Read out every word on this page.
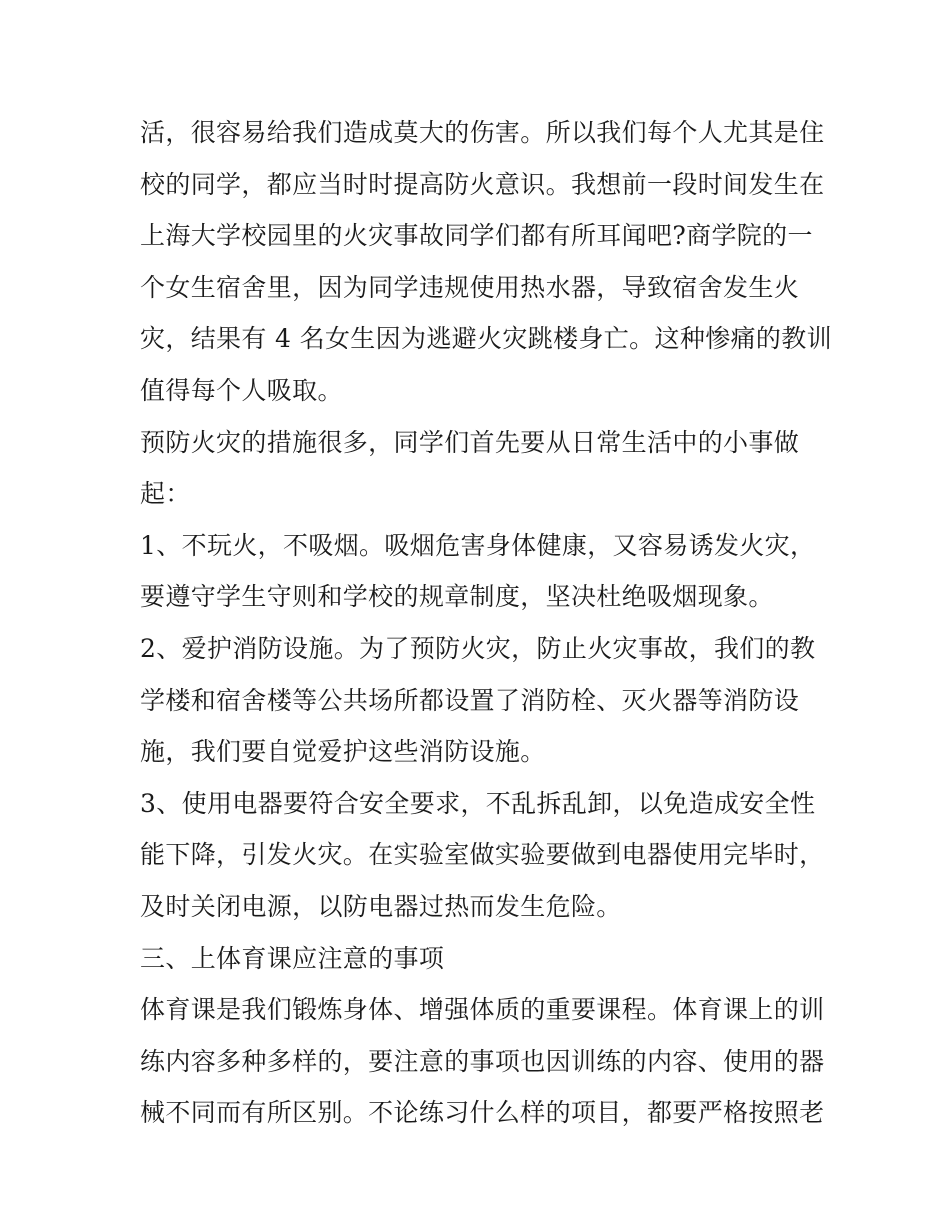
活，很容易给我们造成莫大的伤害。所以我们每个人尤其是住
校的同学，都应当时时提高防火意识。我想前一段时间发生在
上海大学校园里的火灾事故同学们都有所耳闻吧?商学院的一
个女生宿舍里，因为同学违规使用热水器，导致宿舍发生火
灾，结果有 4 名女生因为逃避火灾跳楼身亡。这种惨痛的教训
值得每个人吸取。
预防火灾的措施很多，同学们首先要从日常生活中的小事做
起：
1、不玩火，不吸烟。吸烟危害身体健康，又容易诱发火灾，
要遵守学生守则和学校的规章制度，坚决杜绝吸烟现象。
2、爱护消防设施。为了预防火灾，防止火灾事故，我们的教
学楼和宿舍楼等公共场所都设置了消防栓、灭火器等消防设
施，我们要自觉爱护这些消防设施。
3、使用电器要符合安全要求，不乱拆乱卸，以免造成安全性
能下降，引发火灾。在实验室做实验要做到电器使用完毕时，
及时关闭电源，以防电器过热而发生危险。
三、上体育课应注意的事项
体育课是我们锻炼身体、增强体质的重要课程。体育课上的训
练内容多种多样的，要注意的事项也因训练的内容、使用的器
械不同而有所区别。不论练习什么样的项目，都要严格按照老
